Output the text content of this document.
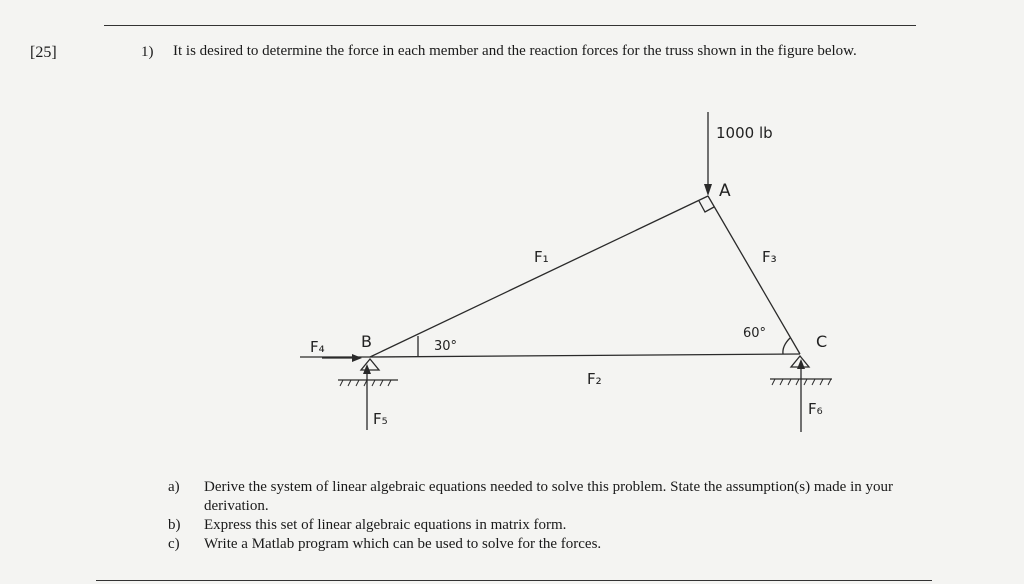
[25]	1) It is desired to determine the force in each member and the reaction forces for the truss shown in the figure below.
1000 lb
A
B	C
F₁
F₂
F₃
F₄
F₅
F₆
30°
60°
a)	Derive the system of linear algebraic equations needed to solve this problem. State the assumption(s) made in your derivation.
b)	Express this set of linear algebraic equations in matrix form.
c)	Write a Matlab program which can be used to solve for the forces.
